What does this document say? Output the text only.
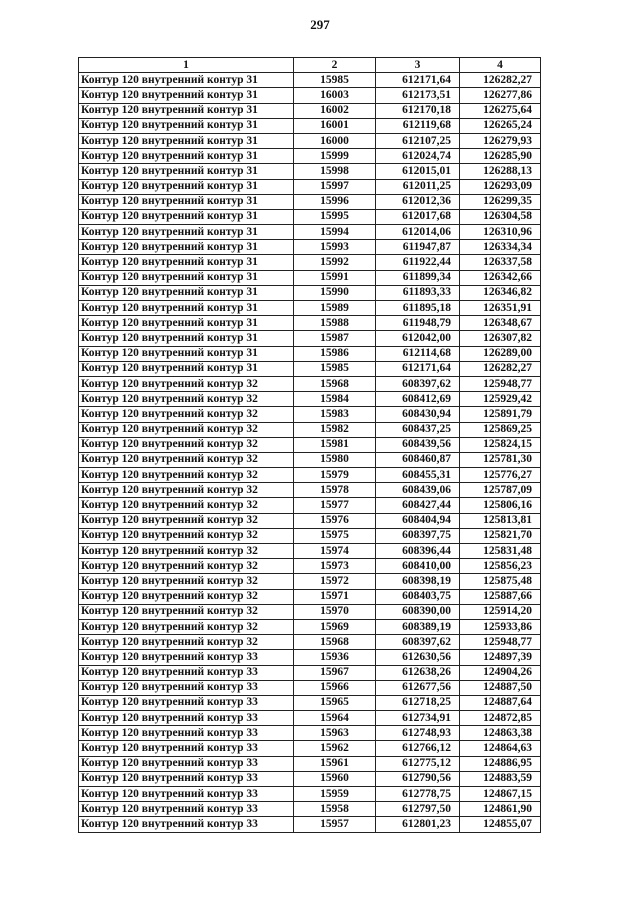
297
1	2	3	4
Контур 120 внутренний контур 31	15985	612171,64	126282,27
Контур 120 внутренний контур 31	16003	612173,51	126277,86
Контур 120 внутренний контур 31	16002	612170,18	126275,64
Контур 120 внутренний контур 31	16001	612119,68	126265,24
Контур 120 внутренний контур 31	16000	612107,25	126279,93
Контур 120 внутренний контур 31	15999	612024,74	126285,90
Контур 120 внутренний контур 31	15998	612015,01	126288,13
Контур 120 внутренний контур 31	15997	612011,25	126293,09
Контур 120 внутренний контур 31	15996	612012,36	126299,35
Контур 120 внутренний контур 31	15995	612017,68	126304,58
Контур 120 внутренний контур 31	15994	612014,06	126310,96
Контур 120 внутренний контур 31	15993	611947,87	126334,34
Контур 120 внутренний контур 31	15992	611922,44	126337,58
Контур 120 внутренний контур 31	15991	611899,34	126342,66
Контур 120 внутренний контур 31	15990	611893,33	126346,82
Контур 120 внутренний контур 31	15989	611895,18	126351,91
Контур 120 внутренний контур 31	15988	611948,79	126348,67
Контур 120 внутренний контур 31	15987	612042,00	126307,82
Контур 120 внутренний контур 31	15986	612114,68	126289,00
Контур 120 внутренний контур 31	15985	612171,64	126282,27
Контур 120 внутренний контур 32	15968	608397,62	125948,77
Контур 120 внутренний контур 32	15984	608412,69	125929,42
Контур 120 внутренний контур 32	15983	608430,94	125891,79
Контур 120 внутренний контур 32	15982	608437,25	125869,25
Контур 120 внутренний контур 32	15981	608439,56	125824,15
Контур 120 внутренний контур 32	15980	608460,87	125781,30
Контур 120 внутренний контур 32	15979	608455,31	125776,27
Контур 120 внутренний контур 32	15978	608439,06	125787,09
Контур 120 внутренний контур 32	15977	608427,44	125806,16
Контур 120 внутренний контур 32	15976	608404,94	125813,81
Контур 120 внутренний контур 32	15975	608397,75	125821,70
Контур 120 внутренний контур 32	15974	608396,44	125831,48
Контур 120 внутренний контур 32	15973	608410,00	125856,23
Контур 120 внутренний контур 32	15972	608398,19	125875,48
Контур 120 внутренний контур 32	15971	608403,75	125887,66
Контур 120 внутренний контур 32	15970	608390,00	125914,20
Контур 120 внутренний контур 32	15969	608389,19	125933,86
Контур 120 внутренний контур 32	15968	608397,62	125948,77
Контур 120 внутренний контур 33	15936	612630,56	124897,39
Контур 120 внутренний контур 33	15967	612638,26	124904,26
Контур 120 внутренний контур 33	15966	612677,56	124887,50
Контур 120 внутренний контур 33	15965	612718,25	124887,64
Контур 120 внутренний контур 33	15964	612734,91	124872,85
Контур 120 внутренний контур 33	15963	612748,93	124863,38
Контур 120 внутренний контур 33	15962	612766,12	124864,63
Контур 120 внутренний контур 33	15961	612775,12	124886,95
Контур 120 внутренний контур 33	15960	612790,56	124883,59
Контур 120 внутренний контур 33	15959	612778,75	124867,15
Контур 120 внутренний контур 33	15958	612797,50	124861,90
Контур 120 внутренний контур 33	15957	612801,23	124855,07
